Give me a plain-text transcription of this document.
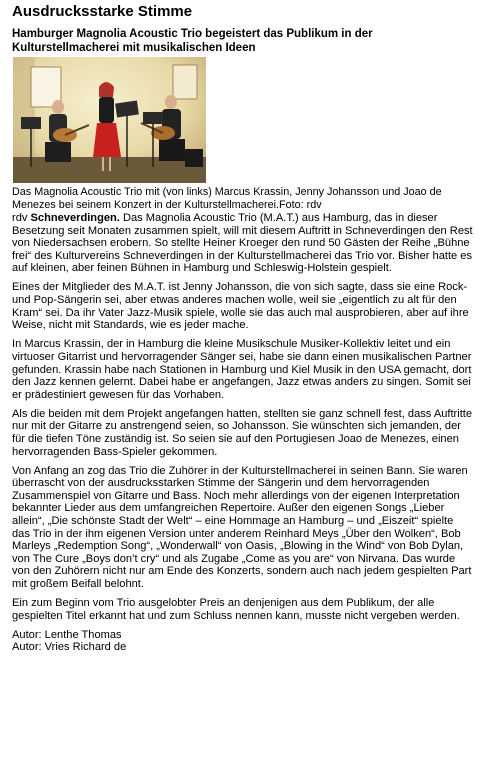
Ausdrucksstarke Stimme
Hamburger Magnolia Acoustic Trio begeistert das Publikum in der Kulturstellmacherei mit musikalischen Ideen
Das Magnolia Acoustic Trio mit (von links) Marcus Krassin, Jenny Johansson und Joao de Menezes bei seinem Konzert in der Kulturstellmacherei.Foto: rdv

rdv Schneverdingen. Das Magnolia Acoustic Trio (M.A.T.) aus Hamburg, das in dieser Besetzung seit Monaten zusammen spielt, will mit diesem Auftritt in Schneverdingen den Rest von Niedersachsen erobern. So stellte Heiner Kroeger den rund 50 Gästen der Reihe „Bühne frei“ des Kulturvereins Schneverdingen in der Kulturstellmacherei das Trio vor. Bisher hatte es auf kleinen, aber feinen Bühnen in Hamburg und Schleswig-Holstein gespielt.

Eines der Mitglieder des M.A.T. ist Jenny Johansson, die von sich sagte, dass sie eine Rock- und Pop-Sängerin sei, aber etwas anderes machen wolle, weil sie „eigentlich zu alt für den Kram“ sei. Da ihr Vater Jazz-Musik spiele, wolle sie das auch mal ausprobieren, aber auf ihre Weise, nicht mit Standards, wie es jeder mache.

In Marcus Krassin, der in Hamburg die kleine Musikschule Musiker-Kollektiv leitet und ein virtuoser Gitarrist und hervorragender Sänger sei, habe sie dann einen musikalischen Partner gefunden. Krassin habe nach Stationen in Hamburg und Kiel Musik in den USA gemacht, dort den Jazz kennen gelernt. Dabei habe er angefangen, Jazz etwas anders zu singen. Somit sei er prädestiniert gewesen für das Vorhaben.

Als die beiden mit dem Projekt angefangen hatten, stellten sie ganz schnell fest, dass Auftritte nur mit der Gitarre zu anstrengend seien, so Johansson. Sie wünschten sich jemanden, der für die tiefen Töne zuständig ist. So seien sie auf den Portugiesen Joao de Menezes, einen hervorragenden Bass-Spieler gekommen.

Von Anfang an zog das Trio die Zuhörer in der Kulturstellmacherei in seinen Bann. Sie waren überrascht von der ausdrucksstarken Stimme der Sängerin und dem hervorragenden Zusammenspiel von Gitarre und Bass. Noch mehr allerdings von der eigenen Interpretation bekannter Lieder aus dem umfangreichen Repertoire. Außer den eigenen Songs „Lieber allein“, „Die schönste Stadt der Welt“ – eine Hommage an Hamburg – und „Eiszeit“ spielte das Trio in der ihm eigenen Version unter anderem Reinhard Meys „Über den Wolken“, Bob Marleys „Redemption Song“, „Wonderwall“ von Oasis, „Blowing in the Wind“ von Bob Dylan, von The Cure „Boys don’t cry“ und als Zugabe „Come as you are“ von Nirvana. Das wurde von den Zuhörern nicht nur am Ende des Konzerts, sondern auch nach jedem gespielten Part mit großem Beifall belohnt.

Ein zum Beginn vom Trio ausgelobter Preis an denjenigen aus dem Publikum, der alle gespielten Titel erkannt hat und zum Schluss nennen kann, musste nicht vergeben werden.

Autor: Lenthe Thomas
Autor: Vries Richard de
